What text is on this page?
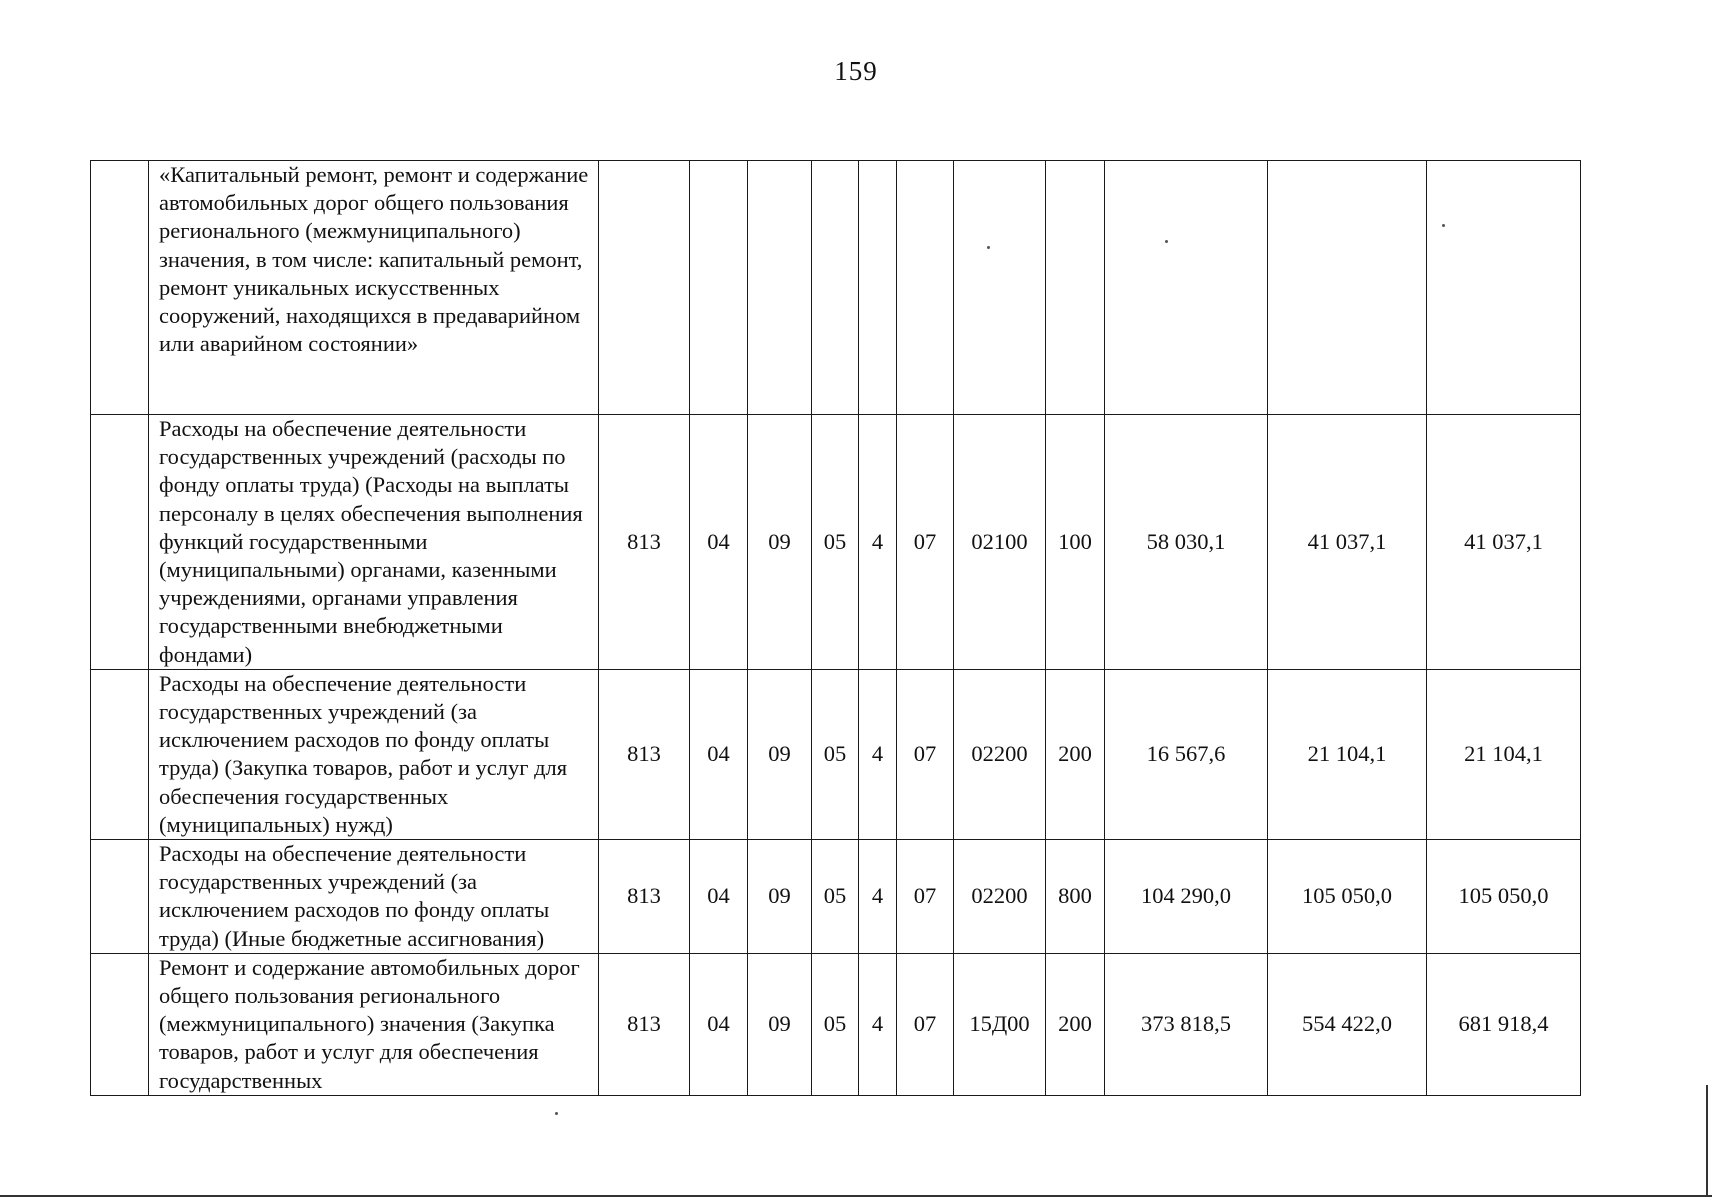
159
	«Капитальный ремонт, ремонт и содержание автомобильных дорог общего пользования регионального (межмуниципального) значения, в том числе: капитальный ремонт, ремонт уникальных искусственных сооружений, находящихся в предаварийном или аварийном состоянии»											
	Расходы на обеспечение деятельности государственных учреждений (расходы по фонду оплаты труда) (Расходы на выплаты персоналу в целях обеспечения выполнения функций государственными (муниципальными) органами, казенными учреждениями, органами управления государственными внебюджетными фондами)	813	04	09	05	4	07	02100	100	58 030,1	41 037,1	41 037,1
	Расходы на обеспечение деятельности государственных учреждений (за исключением расходов по фонду оплаты труда) (Закупка товаров, работ и услуг для обеспечения государственных (муниципальных) нужд)	813	04	09	05	4	07	02200	200	16 567,6	21 104,1	21 104,1
	Расходы на обеспечение деятельности государственных учреждений (за исключением расходов по фонду оплаты труда) (Иные бюджетные ассигнования)	813	04	09	05	4	07	02200	800	104 290,0	105 050,0	105 050,0
	Ремонт и содержание автомобильных дорог общего пользования регионального (межмуниципального) значения (Закупка товаров, работ и услуг для обеспечения государственных	813	04	09	05	4	07	15Д00	200	373 818,5	554 422,0	681 918,4
